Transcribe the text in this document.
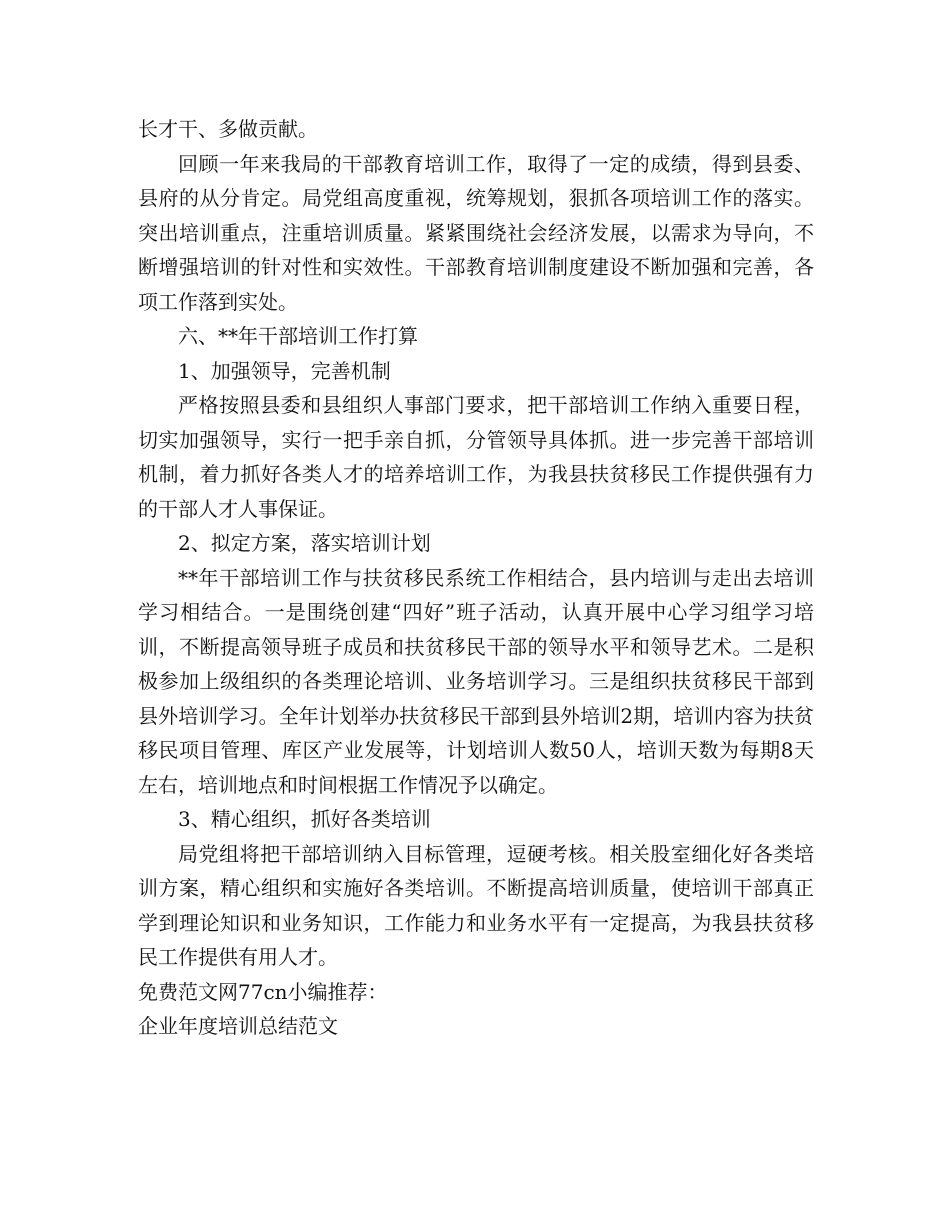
长才干、多做贡献。

回顾一年来我局的干部教育培训工作，取得了一定的成绩，得到县委、县府的从分肯定。局党组高度重视，统筹规划，狠抓各项培训工作的落实。突出培训重点，注重培训质量。紧紧围绕社会经济发展，以需求为导向，不断增强培训的针对性和实效性。干部教育培训制度建设不断加强和完善，各项工作落到实处。

六、**年干部培训工作打算

1、加强领导，完善机制

严格按照县委和县组织人事部门要求，把干部培训工作纳入重要日程，切实加强领导，实行一把手亲自抓，分管领导具体抓。进一步完善干部培训机制，着力抓好各类人才的培养培训工作，为我县扶贫移民工作提供强有力的干部人才人事保证。

2、拟定方案，落实培训计划

**年干部培训工作与扶贫移民系统工作相结合，县内培训与走出去培训学习相结合。一是围绕创建“四好”班子活动，认真开展中心学习组学习培训，不断提高领导班子成员和扶贫移民干部的领导水平和领导艺术。二是积极参加上级组织的各类理论培训、业务培训学习。三是组织扶贫移民干部到县外培训学习。全年计划举办扶贫移民干部到县外培训2期，培训内容为扶贫移民项目管理、库区产业发展等，计划培训人数50人，培训天数为每期8天左右，培训地点和时间根据工作情况予以确定。

3、精心组织，抓好各类培训

局党组将把干部培训纳入目标管理，逗硬考核。相关股室细化好各类培训方案，精心组织和实施好各类培训。不断提高培训质量，使培训干部真正学到理论知识和业务知识，工作能力和业务水平有一定提高，为我县扶贫移民工作提供有用人才。

免费范文网77cn小编推荐：

企业年度培训总结范文
